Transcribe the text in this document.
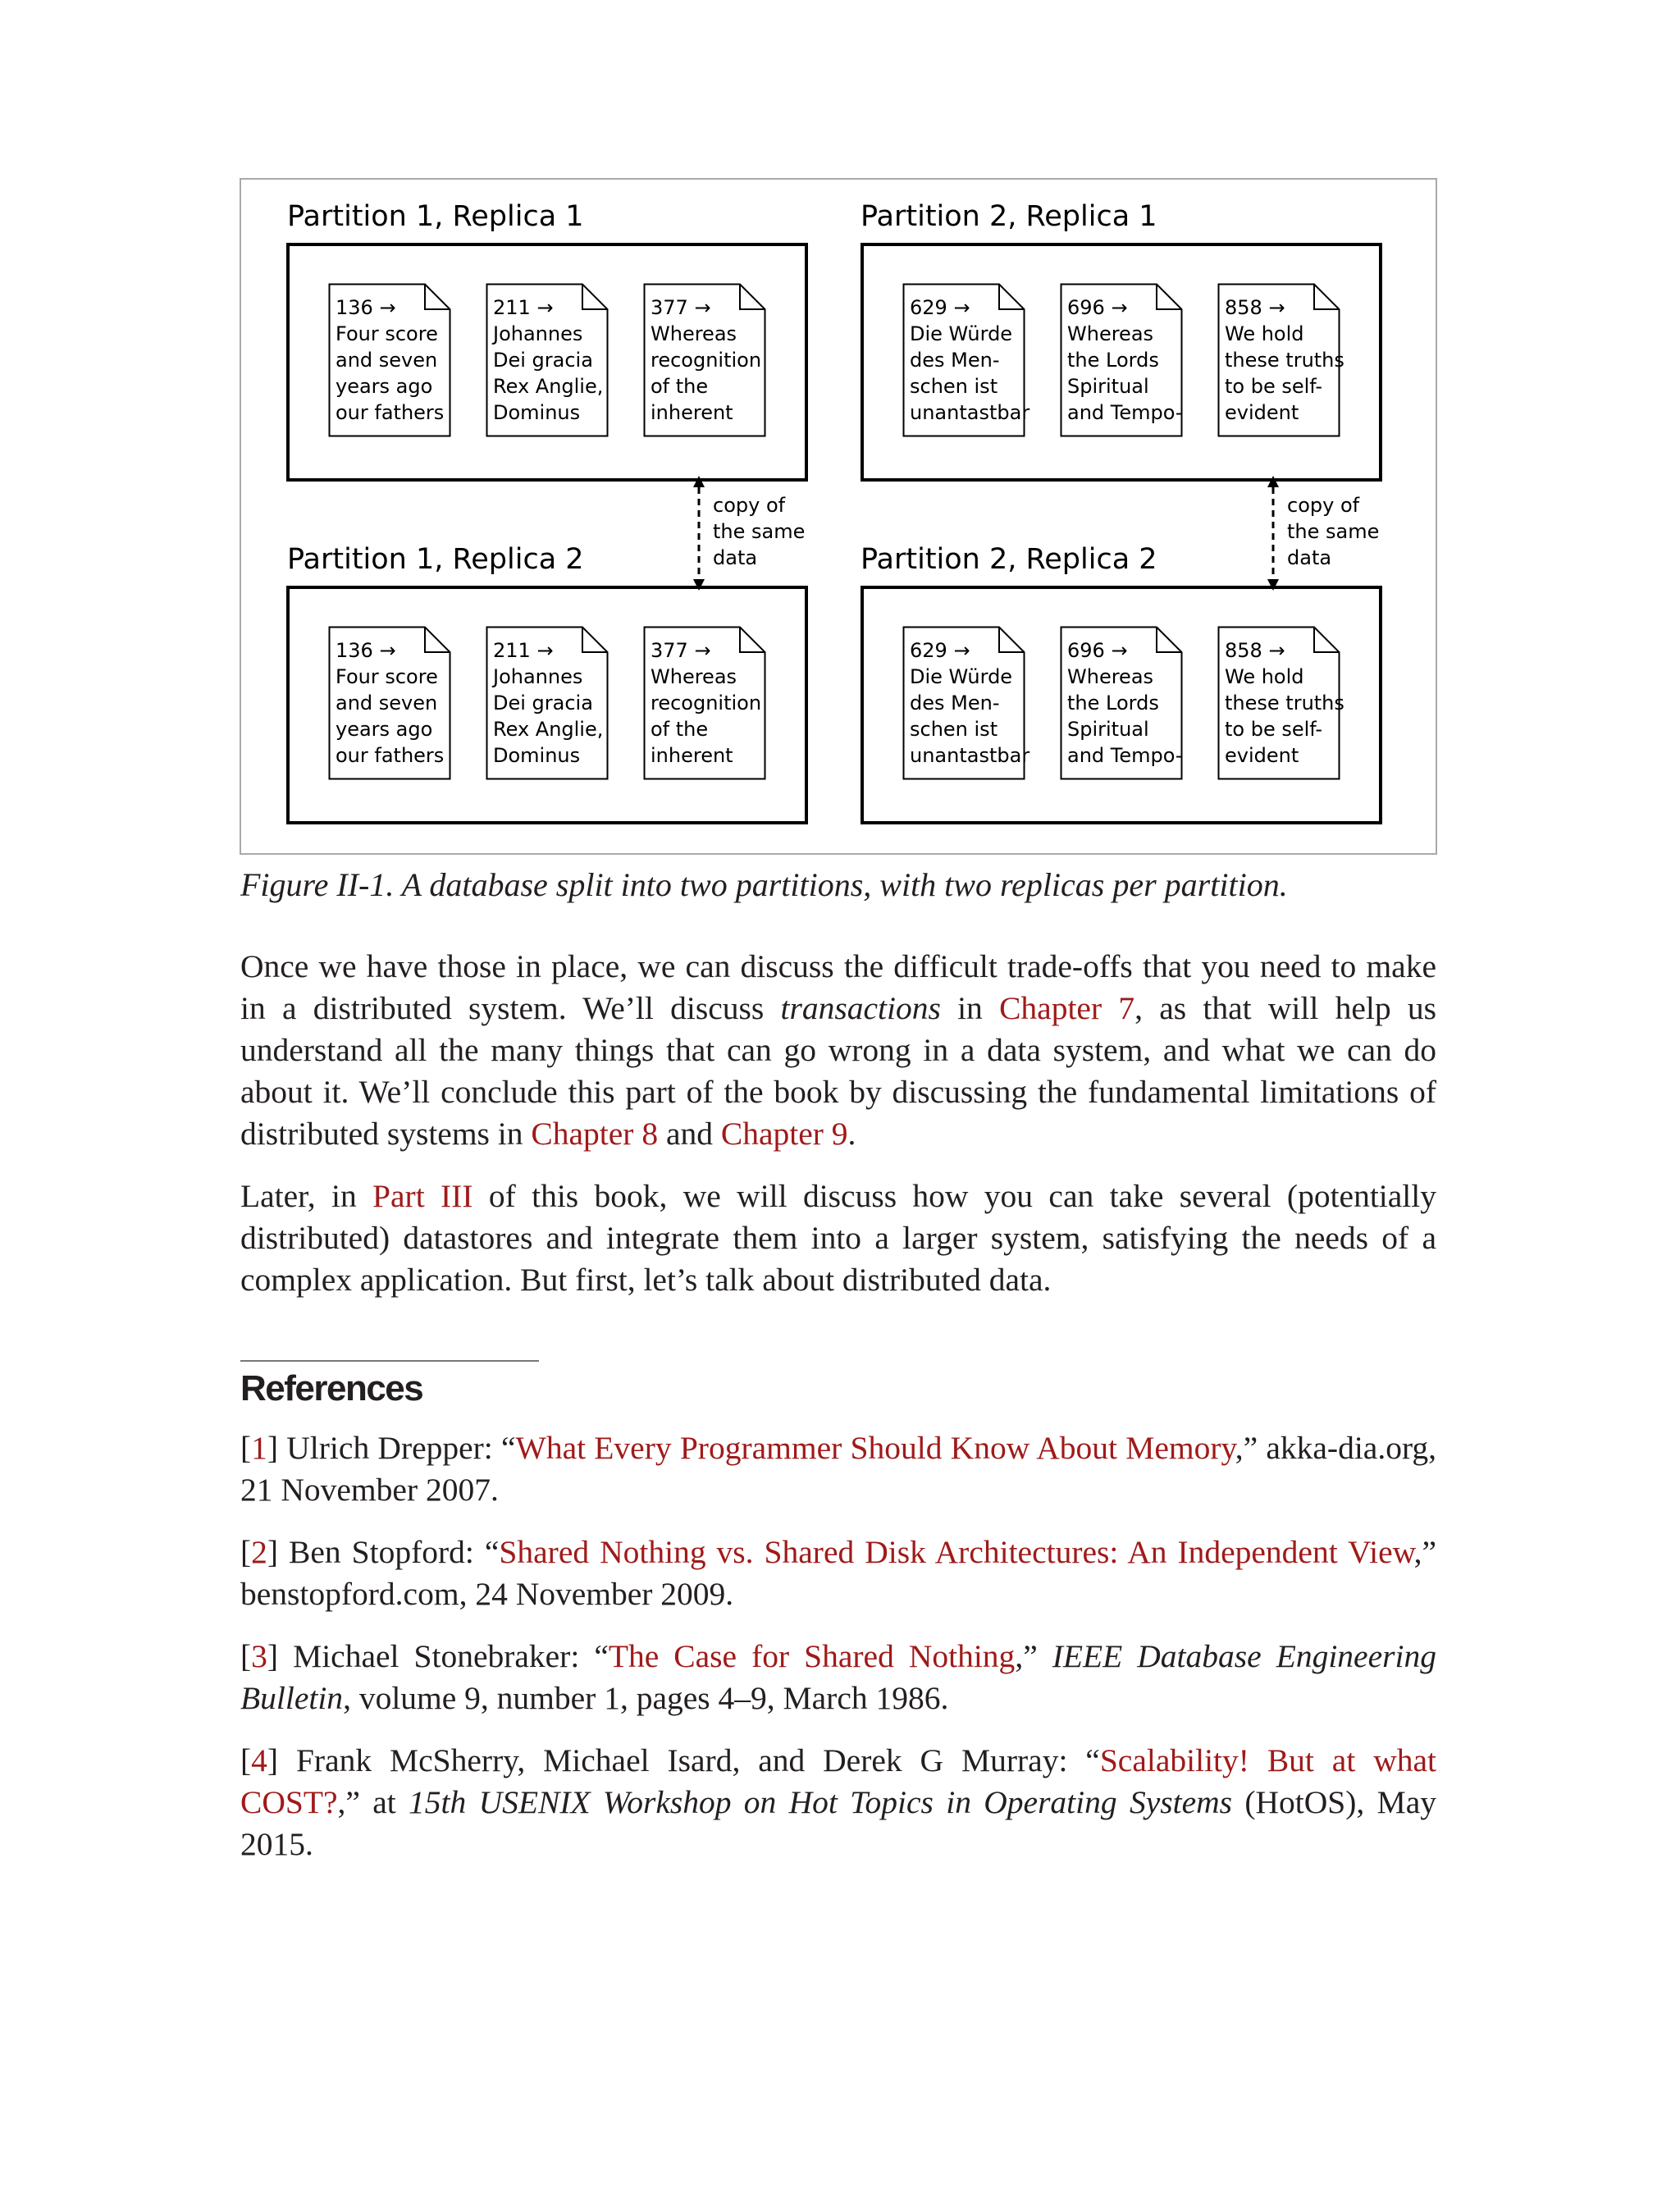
Partition 1, Replica 1	Partition 2, Replica 1
Partition 1, Replica 2	Partition 2, Replica 2
136 →
Four score
and seven
years ago
our fathers
211 →
Johannes
Dei gracia
Rex Anglie,
Dominus
377 →
Whereas
recognition
of the
inherent
136 →
Four score
and seven
years ago
our fathers
211 →
Johannes
Dei gracia
Rex Anglie,
Dominus
377 →
Whereas
recognition
of the
inherent
629 →
Die Würde
des Men-
schen ist
unantastbar
696 →
Whereas
the Lords
Spiritual
and Tempo-
858 →
We hold
these truths
to be self-
evident
629 →
Die Würde
des Men-
schen ist
unantastbar
696 →
Whereas
the Lords
Spiritual
and Tempo-
858 →
We hold
these truths
to be self-
evident
copy of
the same
data
copy of
the same
data
Figure II-1. A database split into two partitions, with two replicas per partition.

Once we have those in place, we can discuss the difficult trade-offs that you need to make in a distributed system. We’ll discuss transactions in Chapter 7, as that will help us understand all the many things that can go wrong in a data system, and what we can do about it. We’ll conclude this part of the book by discussing the fundamental limitations of distributed systems in Chapter 8 and Chapter 9.

Later, in Part III of this book, we will discuss how you can take several (potentially distributed) datastores and integrate them into a larger system, satisfying the needs of a complex application. But first, let’s talk about distributed data.

References

[1] Ulrich Drepper: “What Every Programmer Should Know About Memory,” akka-dia.org, 21 November 2007.

[2] Ben Stopford: “Shared Nothing vs. Shared Disk Architectures: An Independent View,” benstopford.com, 24 November 2009.

[3] Michael Stonebraker: “The Case for Shared Nothing,” IEEE Database Engineering Bulletin, volume 9, number 1, pages 4–9, March 1986.

[4] Frank McSherry, Michael Isard, and Derek G Murray: “Scalability! But at what COST?,” at 15th USENIX Workshop on Hot Topics in Operating Systems (HotOS), May 2015.
